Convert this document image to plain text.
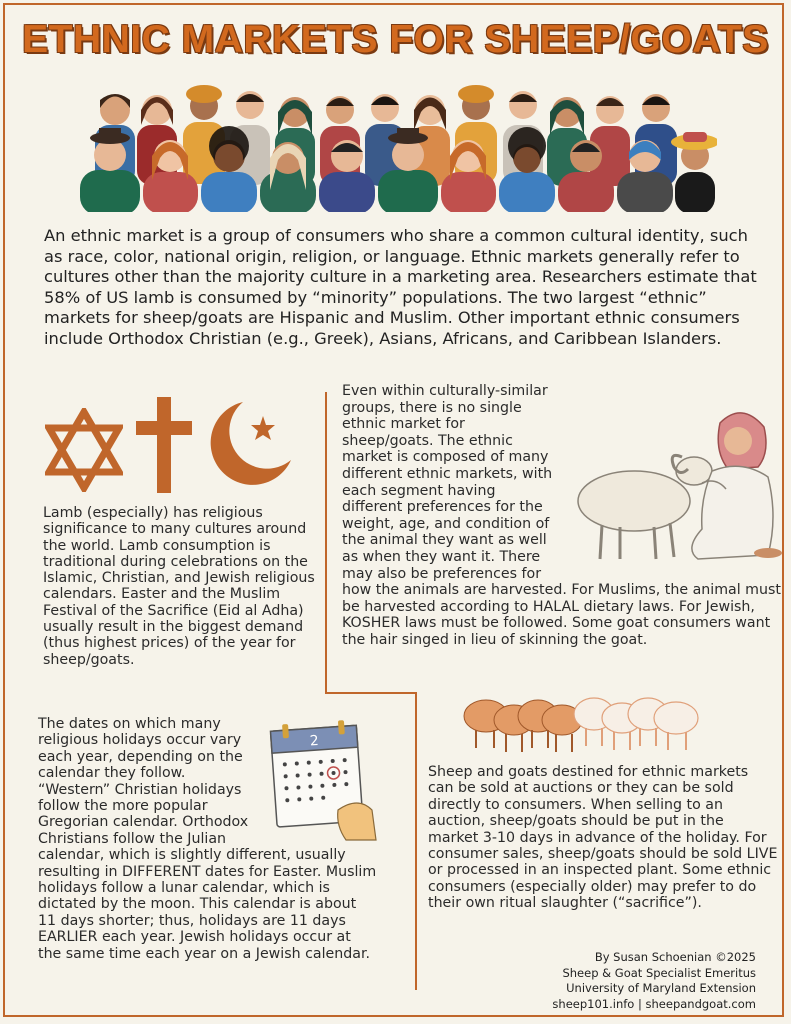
ETHNIC MARKETS FOR SHEEP/GOATS
An ethnic market is a group of consumers who share a common cultural identity, such as race, color, national origin, religion, or language. Ethnic markets generally refer to cultures other than the majority culture in a marketing area. Researchers estimate that 58% of US lamb is consumed by “minority” populations. The two largest “ethnic” markets for sheep/goats are Hispanic and Muslim. Other important ethnic consumers include Orthodox Christian (e.g., Greek), Asians, Africans, and Caribbean Islanders.
Even within culturally-similar groups, there is no single ethnic market for sheep/goats. The ethnic market is composed of many different ethnic markets, with each segment having different preferences for the weight, age, and condition of the animal they want as well as when they want it. There may also be preferences for how the animals are harvested. For Muslims, the animal must be harvested according to HALAL dietary laws. For Jewish, KOSHER laws must be followed. Some goat consumers want the hair singed in lieu of skinning the goat.
Lamb (especially) has religious significance to many cultures around the world. Lamb consumption is traditional during celebrations on the Islamic, Christian, and Jewish religious calendars. Easter and the Muslim Festival of the Sacrifice (Eid al Adha) usually result in the biggest demand (thus highest prices) of the year for sheep/goats.
2
The dates on which many religious holidays occur vary each year, depending on the calendar they follow. “Western” Christian holidays follow the more popular Gregorian calendar. Orthodox Christians follow the Julian calendar, which is slightly different, usually resulting in DIFFERENT dates for Easter. Muslim holidays follow a lunar calendar, which is dictated by the moon. This calendar is about 11 days shorter; thus, holidays are 11 days EARLIER each year. Jewish holidays occur at the same time each year on a Jewish calendar.
Sheep and goats destined for ethnic markets can be sold at auctions or they can be sold directly to consumers. When selling to an auction, sheep/goats should be put in the market 3-10 days in advance of the holiday. For consumer sales, sheep/goats should be sold LIVE or processed in an inspected plant. Some ethnic consumers (especially older) may prefer to do their own ritual slaughter (“sacrifice”).
By Susan Schoenian ©2025
Sheep & Goat Specialist Emeritus
University of Maryland Extension
sheep101.info | sheepandgoat.com
